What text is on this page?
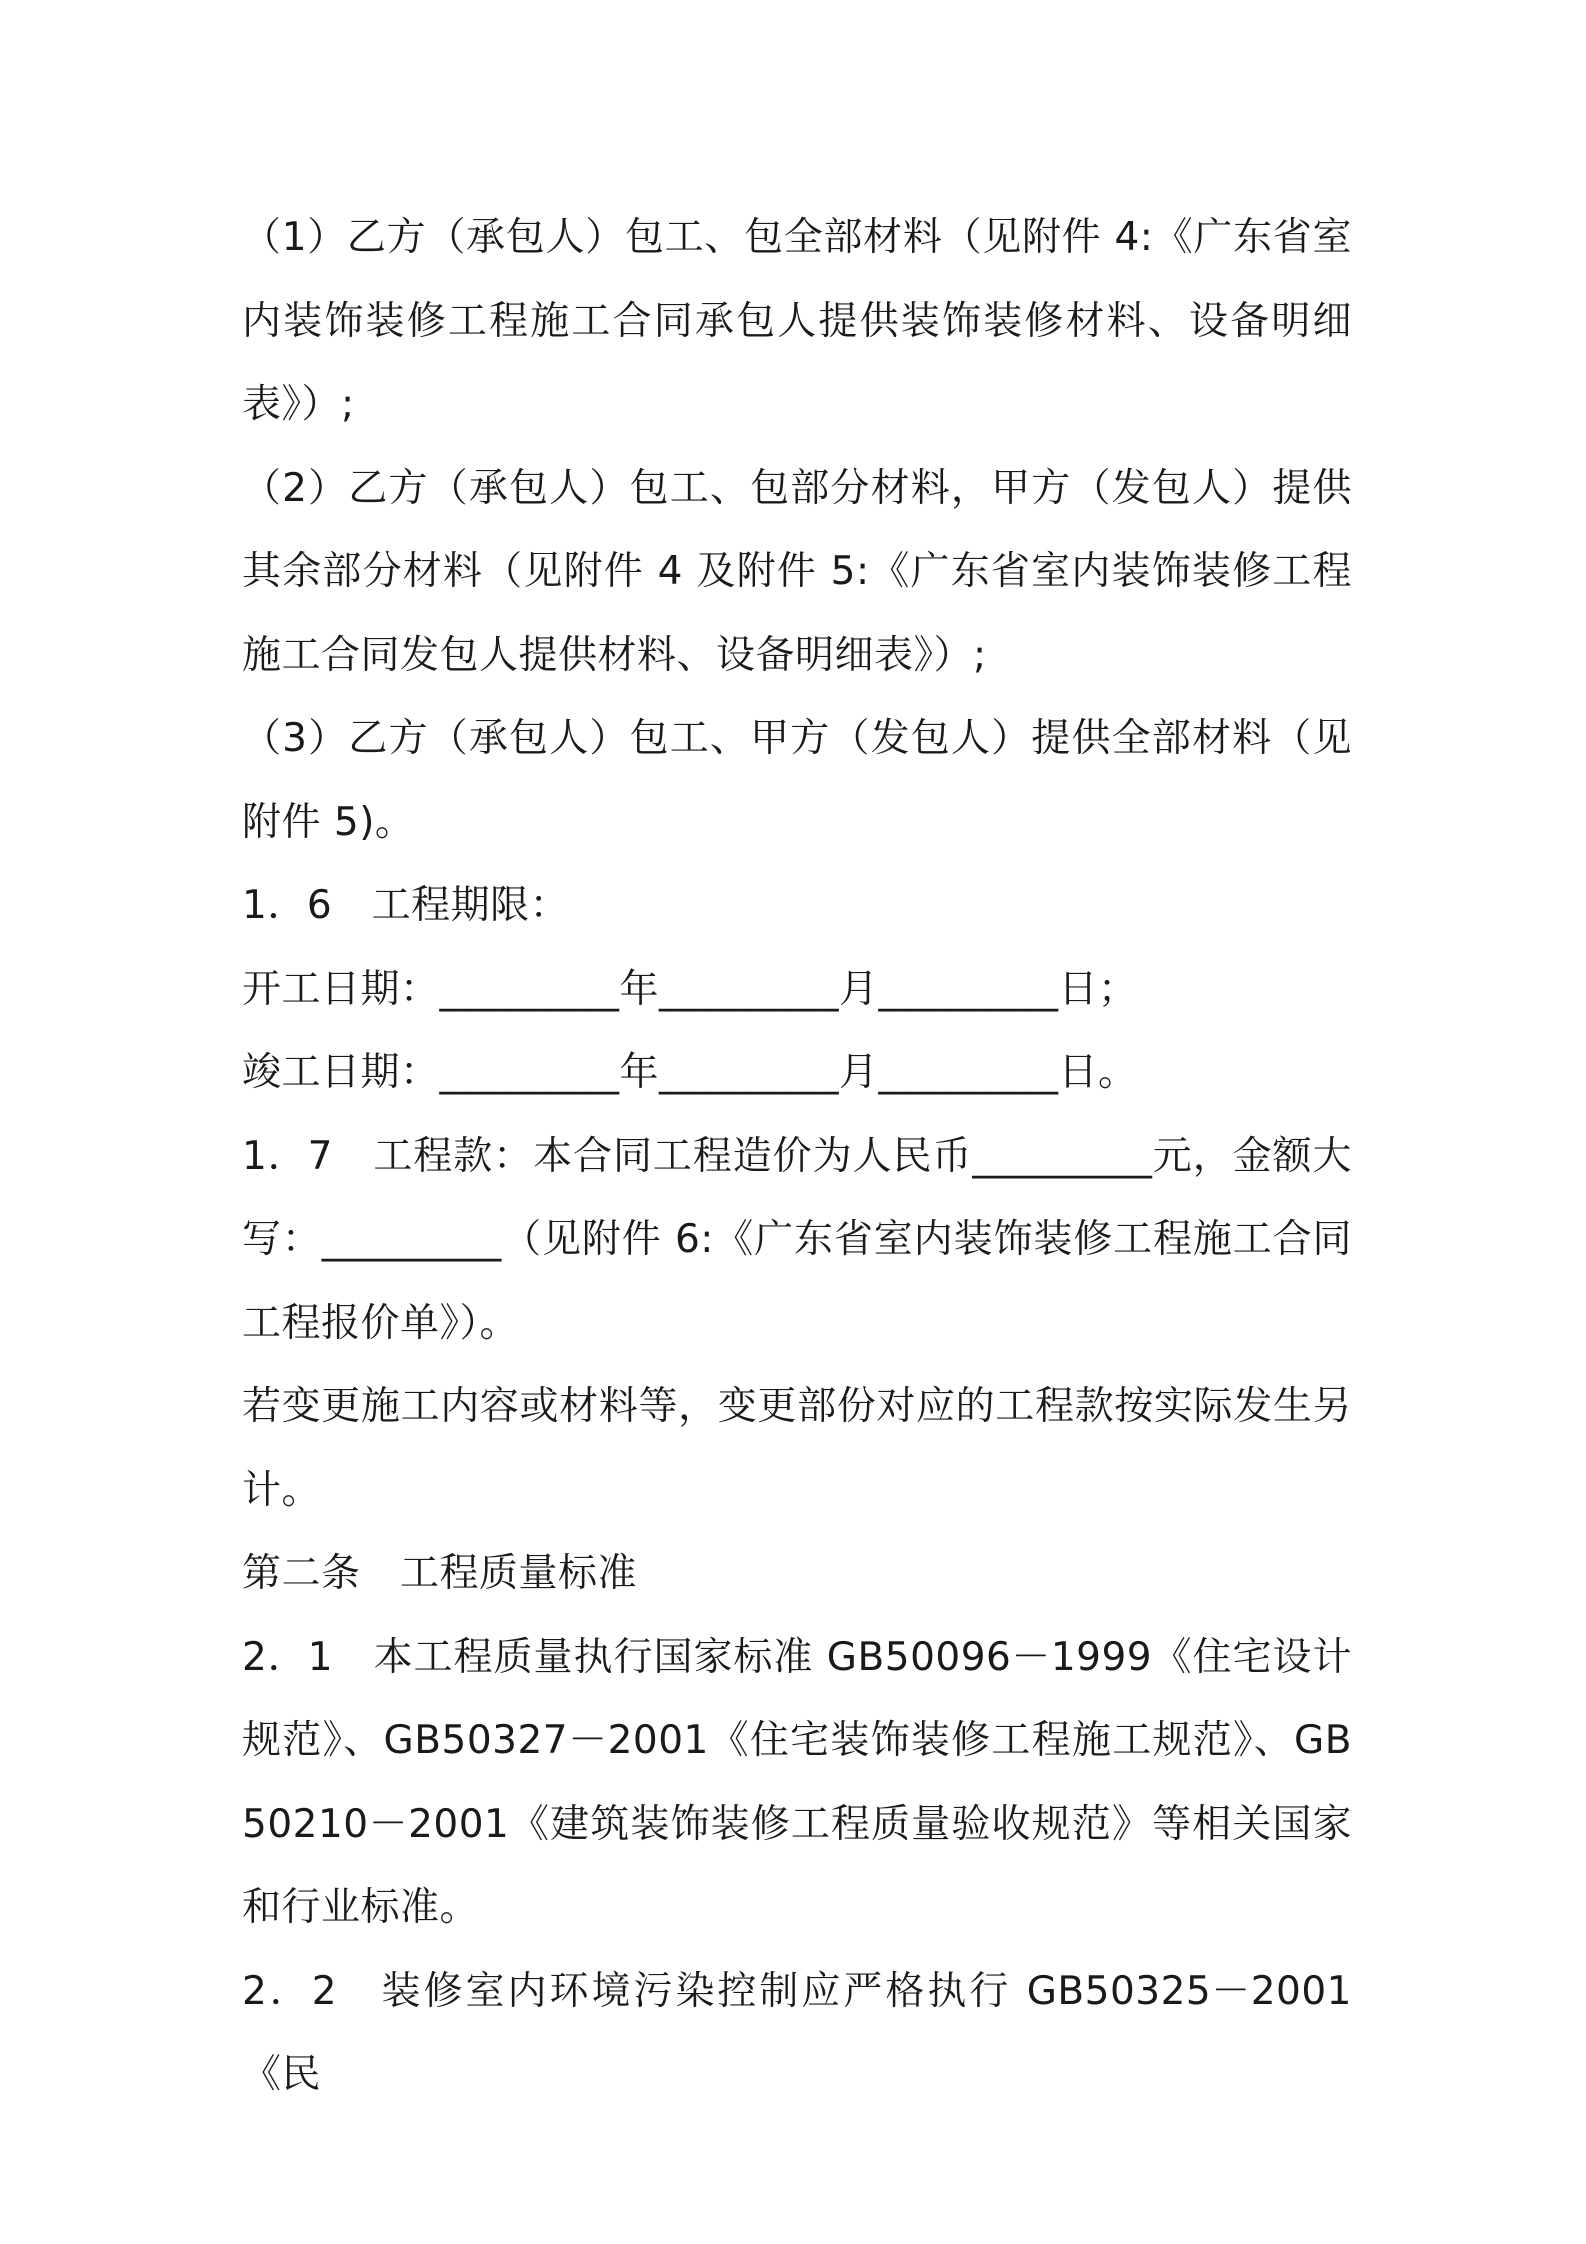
（1）乙方（承包人）包工、包全部材料（见附件 4:《广东省室内装饰装修工程施工合同承包人提供装饰装修材料、设备明细表》）;

（2）乙方（承包人）包工、包部分材料，甲方（发包人）提供其余部分材料（见附件 4 及附件 5:《广东省室内装饰装修工程施工合同发包人提供材料、设备明细表》）;

（3）乙方（承包人）包工、甲方（发包人）提供全部材料（见附件 5)。

1．6　工程期限：

开工日期：_________年_________月_________日；

竣工日期：_________年_________月_________日。

1．7　工程款：本合同工程造价为人民币_________元，金额大写：_________（见附件 6:《广东省室内装饰装修工程施工合同工程报价单》）。

若变更施工内容或材料等，变更部份对应的工程款按实际发生另计。

第二条　工程质量标准

2．1　本工程质量执行国家标准 GB50096－1999《住宅设计规范》、GB50327－2001《住宅装饰装修工程施工规范》、GB50210－2001《建筑装饰装修工程质量验收规范》等相关国家和行业标准。

2．2　装修室内环境污染控制应严格执行 GB50325－2001《民
